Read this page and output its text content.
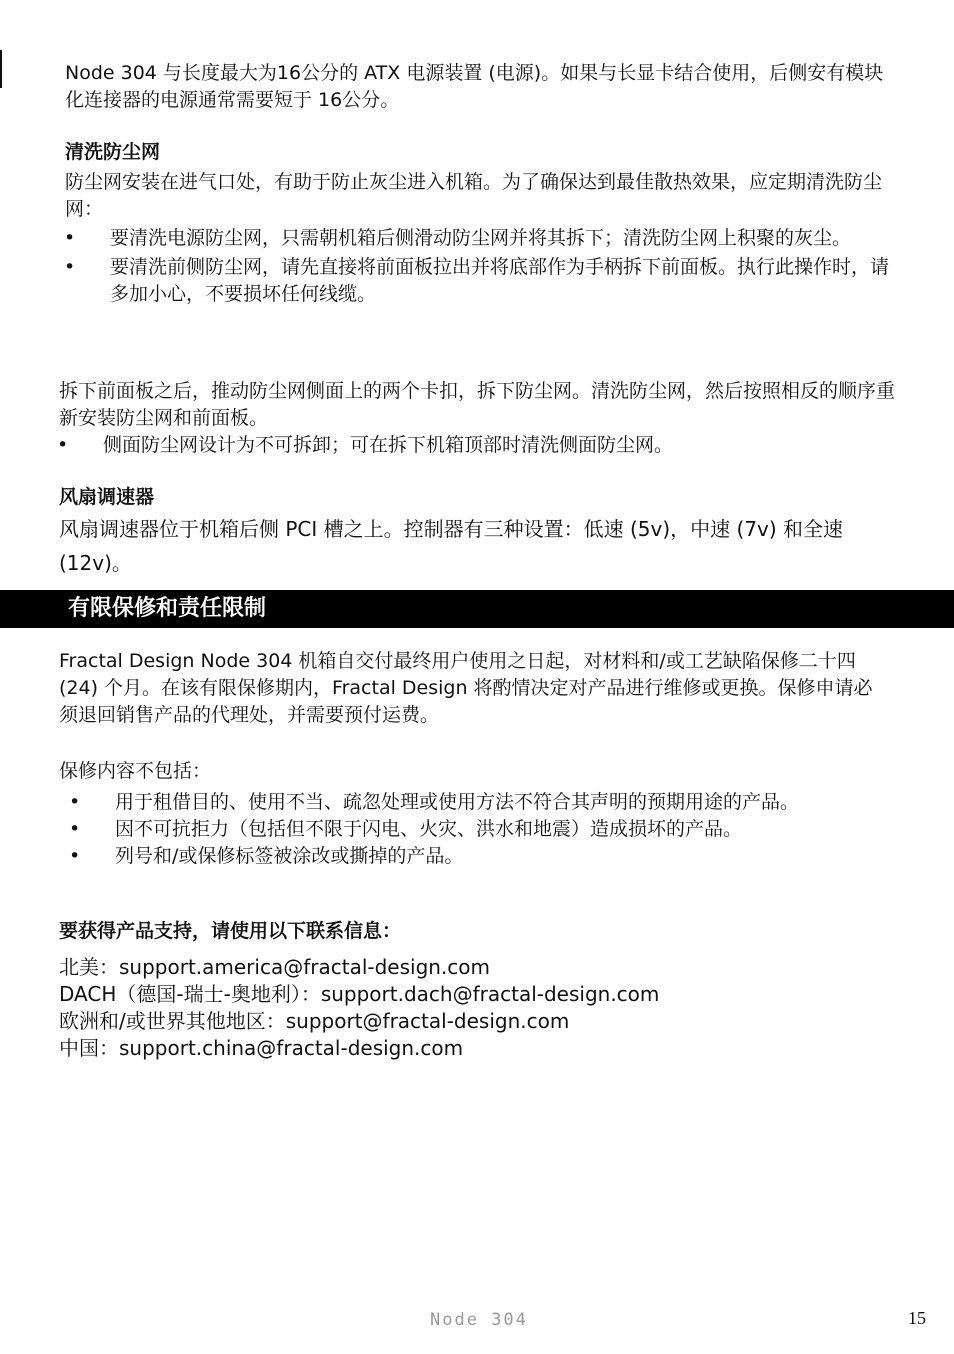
Node 304 与长度最大为16公分的 ATX 电源装置 (电源)。如果与长显卡结合使用，后侧安有模块化连接器的电源通常需要短于 16公分。

清洗防尘网

防尘网安装在进气口处，有助于防止灰尘进入机箱。为了确保达到最佳散热效果，应定期清洗防尘网：

• 要清洗电源防尘网，只需朝机箱后侧滑动防尘网并将其拆下；清洗防尘网上积聚的灰尘。
• 要清洗前侧防尘网，请先直接将前面板拉出并将底部作为手柄拆下前面板。执行此操作时，请多加小心，不要损坏任何线缆。

拆下前面板之后，推动防尘网侧面上的两个卡扣，拆下防尘网。清洗防尘网，然后按照相反的顺序重新安装防尘网和前面板。

• 侧面防尘网设计为不可拆卸；可在拆下机箱顶部时清洗侧面防尘网。
风扇调速器

风扇调速器位于机箱后侧 PCI 槽之上。控制器有三种设置：低速 (5v)，中速 (7v) 和全速 (12v)。

有限保修和责任限制

Fractal Design Node 304 机箱自交付最终用户使用之日起，对材料和/或工艺缺陷保修二十四 (24) 个月。在该有限保修期内，Fractal Design 将酌情决定对产品进行维修或更换。保修申请必须退回销售产品的代理处，并需要预付运费。

保修内容不包括：

• 用于租借目的、使用不当、疏忽处理或使用方法不符合其声明的预期用途的产品。
• 因不可抗拒力（包括但不限于闪电、火灾、洪水和地震）造成损坏的产品。
• 列号和/或保修标签被涂改或撕掉的产品。
要获得产品支持，请使用以下联系信息：

北美：support.america@fractal-design.com

DACH（德国-瑞士-奥地利）：support.dach@fractal-design.com

欧洲和/或世界其他地区：support@fractal-design.com

中国：support.china@fractal-design.com

Node 304	15
